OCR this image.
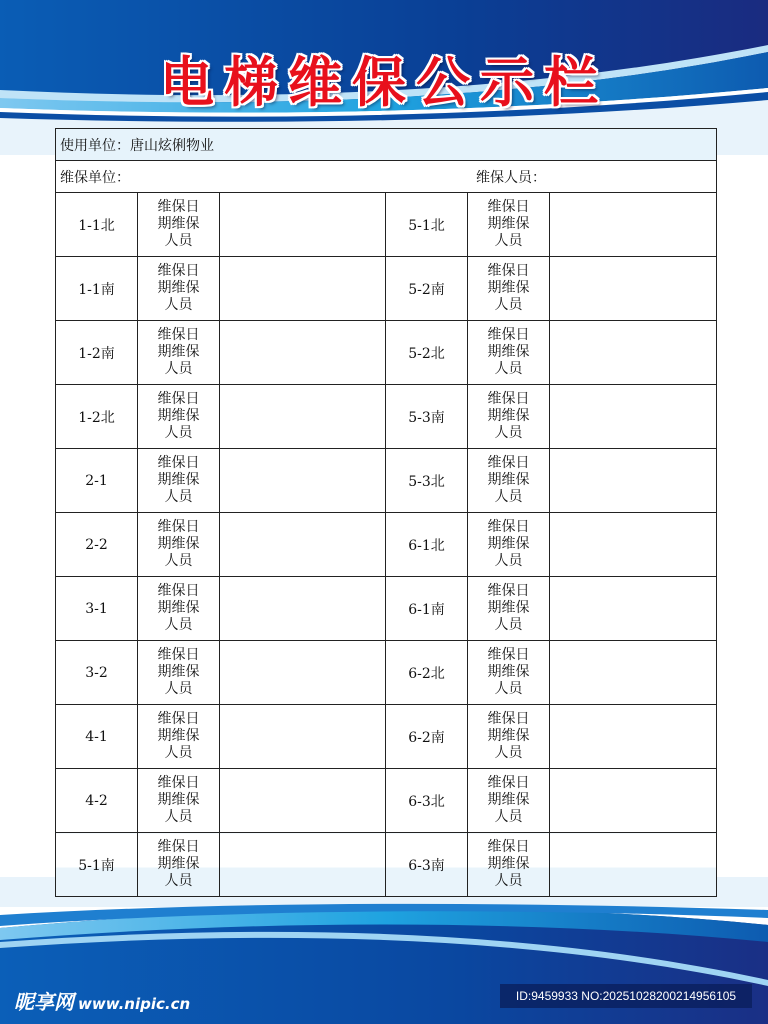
电梯维保公示栏
使用单位：唐山炫俐物业					

维保单位： 维保人员：					

1-1北	维保日
期维保
人员		5-1北	维保日
期维保
人员	

1-1南	维保日
期维保
人员		5-2南	维保日
期维保
人员	

1-2南	维保日
期维保
人员		5-2北	维保日
期维保
人员	

1-2北	维保日
期维保
人员		5-3南	维保日
期维保
人员	

2-1	维保日
期维保
人员		5-3北	维保日
期维保
人员	

2-2	维保日
期维保
人员		6-1北	维保日
期维保
人员	

3-1	维保日
期维保
人员		6-1南	维保日
期维保
人员	

3-2	维保日
期维保
人员		6-2北	维保日
期维保
人员	

4-1	维保日
期维保
人员		6-2南	维保日
期维保
人员	

4-2	维保日
期维保
人员		6-3北	维保日
期维保
人员	

5-1南	维保日
期维保
人员		6-3南	维保日
期维保
人员	

昵享网 www.nipic.cn	ID:9459933 NO:20251028200214956105
